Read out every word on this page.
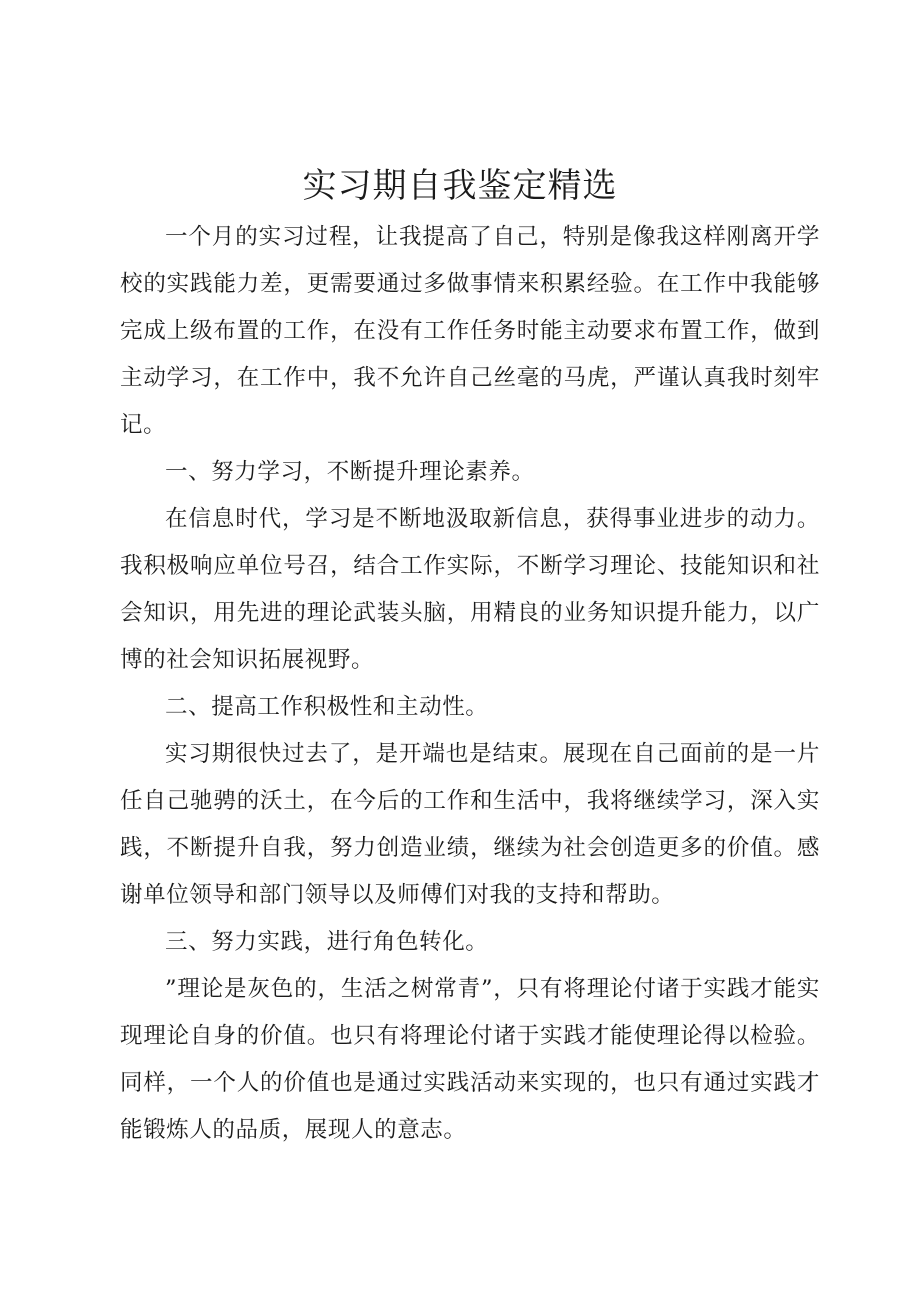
实习期自我鉴定精选

一个月的实习过程，让我提高了自己，特别是像我这样刚离开学校的实践能力差，更需要通过多做事情来积累经验。在工作中我能够完成上级布置的工作，在没有工作任务时能主动要求布置工作，做到主动学习，在工作中，我不允许自己丝毫的马虎，严谨认真我时刻牢记。

一、努力学习，不断提升理论素养。

在信息时代，学习是不断地汲取新信息，获得事业进步的动力。我积极响应单位号召，结合工作实际，不断学习理论、技能知识和社会知识，用先进的理论武装头脑，用精良的业务知识提升能力，以广博的社会知识拓展视野。

二、提高工作积极性和主动性。

实习期很快过去了，是开端也是结束。展现在自己面前的是一片任自己驰骋的沃土，在今后的工作和生活中，我将继续学习，深入实践，不断提升自我，努力创造业绩，继续为社会创造更多的价值。感谢单位领导和部门领导以及师傅们对我的支持和帮助。

三、努力实践，进行角色转化。

”理论是灰色的，生活之树常青”，只有将理论付诸于实践才能实现理论自身的价值。也只有将理论付诸于实践才能使理论得以检验。同样，一个人的价值也是通过实践活动来实现的，也只有通过实践才能锻炼人的品质，展现人的意志。
